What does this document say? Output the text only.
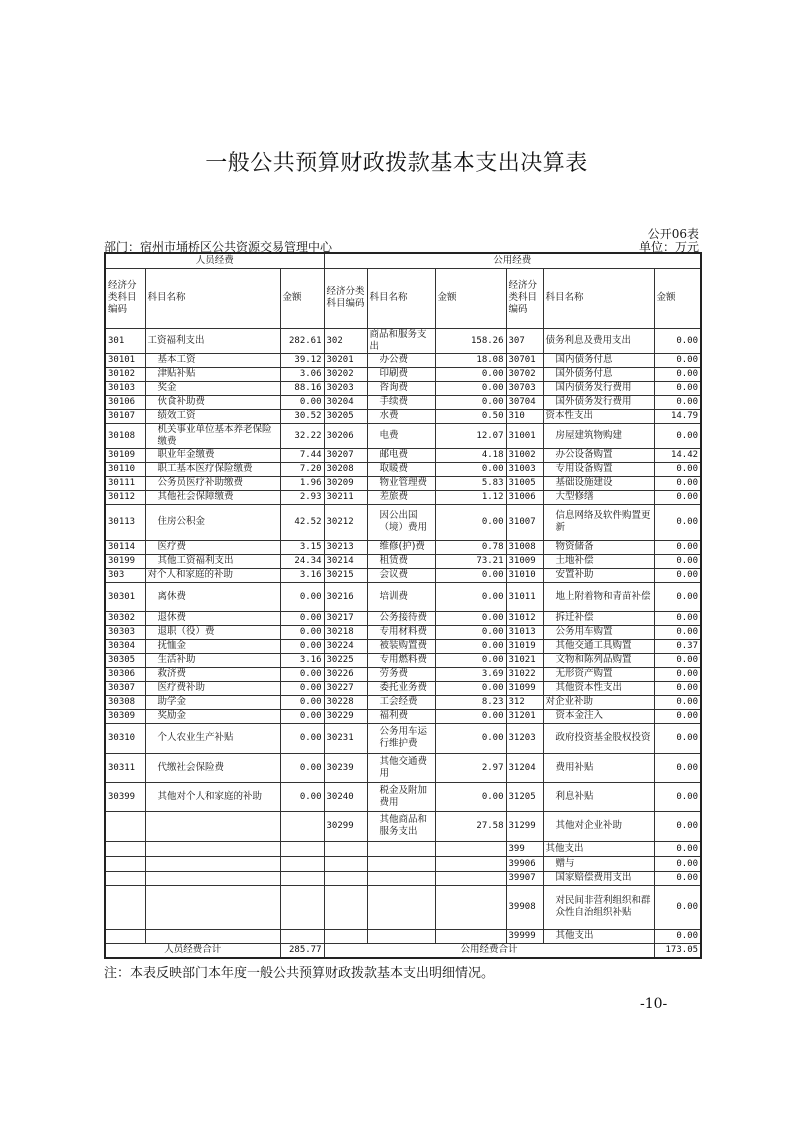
一般公共预算财政拨款基本支出决算表
公开06表
部门：宿州市埇桥区公共资源交易管理中心	单位：万元
人员经费			公用经费					
经济分类科目编码	科目名称	金额	经济分类科目编码	科目名称	金额	经济分类科目编码	科目名称	金额
301	工资福利支出	282.61	302	商品和服务支出	158.26	307	债务利息及费用支出	0.00
30101	基本工资	39.12	30201	办公费	18.08	30701	国内债务付息	0.00
30102	津贴补贴	3.06	30202	印刷费	0.00	30702	国外债务付息	0.00
30103	奖金	88.16	30203	咨询费	0.00	30703	国内债务发行费用	0.00
30106	伙食补助费	0.00	30204	手续费	0.00	30704	国外债务发行费用	0.00
30107	绩效工资	30.52	30205	水费	0.50	310	资本性支出	14.79
30108	机关事业单位基本养老保险缴费	32.22	30206	电费	12.07	31001	房屋建筑物购建	0.00
30109	职业年金缴费	7.44	30207	邮电费	4.18	31002	办公设备购置	14.42
30110	职工基本医疗保险缴费	7.20	30208	取暖费	0.00	31003	专用设备购置	0.00
30111	公务员医疗补助缴费	1.96	30209	物业管理费	5.83	31005	基础设施建设	0.00
30112	其他社会保障缴费	2.93	30211	差旅费	1.12	31006	大型修缮	0.00
30113	住房公积金	42.52	30212	因公出国（境）费用	0.00	31007	信息网络及软件购置更新	0.00
30114	医疗费	3.15	30213	维修(护)费	0.78	31008	物资储备	0.00
30199	其他工资福利支出	24.34	30214	租赁费	73.21	31009	土地补偿	0.00
303	对个人和家庭的补助	3.16	30215	会议费	0.00	31010	安置补助	0.00
30301	离休费	0.00	30216	培训费	0.00	31011	地上附着物和青苗补偿	0.00
30302	退休费	0.00	30217	公务接待费	0.00	31012	拆迁补偿	0.00
30303	退职（役）费	0.00	30218	专用材料费	0.00	31013	公务用车购置	0.00
30304	抚恤金	0.00	30224	被装购置费	0.00	31019	其他交通工具购置	0.37
30305	生活补助	3.16	30225	专用燃料费	0.00	31021	文物和陈列品购置	0.00
30306	救济费	0.00	30226	劳务费	3.69	31022	无形资产购置	0.00
30307	医疗费补助	0.00	30227	委托业务费	0.00	31099	其他资本性支出	0.00
30308	助学金	0.00	30228	工会经费	8.23	312	对企业补助	0.00
30309	奖励金	0.00	30229	福利费	0.00	31201	资本金注入	0.00
30310	个人农业生产补贴	0.00	30231	公务用车运行维护费	0.00	31203	政府投资基金股权投资	0.00
30311	代缴社会保险费	0.00	30239	其他交通费用	2.97	31204	费用补贴	0.00
30399	其他对个人和家庭的补助	0.00	30240	税金及附加费用	0.00	31205	利息补贴	0.00
			30299	其他商品和服务支出	27.58	31299	其他对企业补助	0.00
						399	其他支出	0.00
						39906	赠与	0.00
						39907	国家赔偿费用支出	0.00
						39908	对民间非营利组织和群众性自治组织补贴	0.00
						39999	其他支出	0.00
人员经费合计		285.77	公用经费合计					173.05
注：本表反映部门本年度一般公共预算财政拨款基本支出明细情况。
-10-
